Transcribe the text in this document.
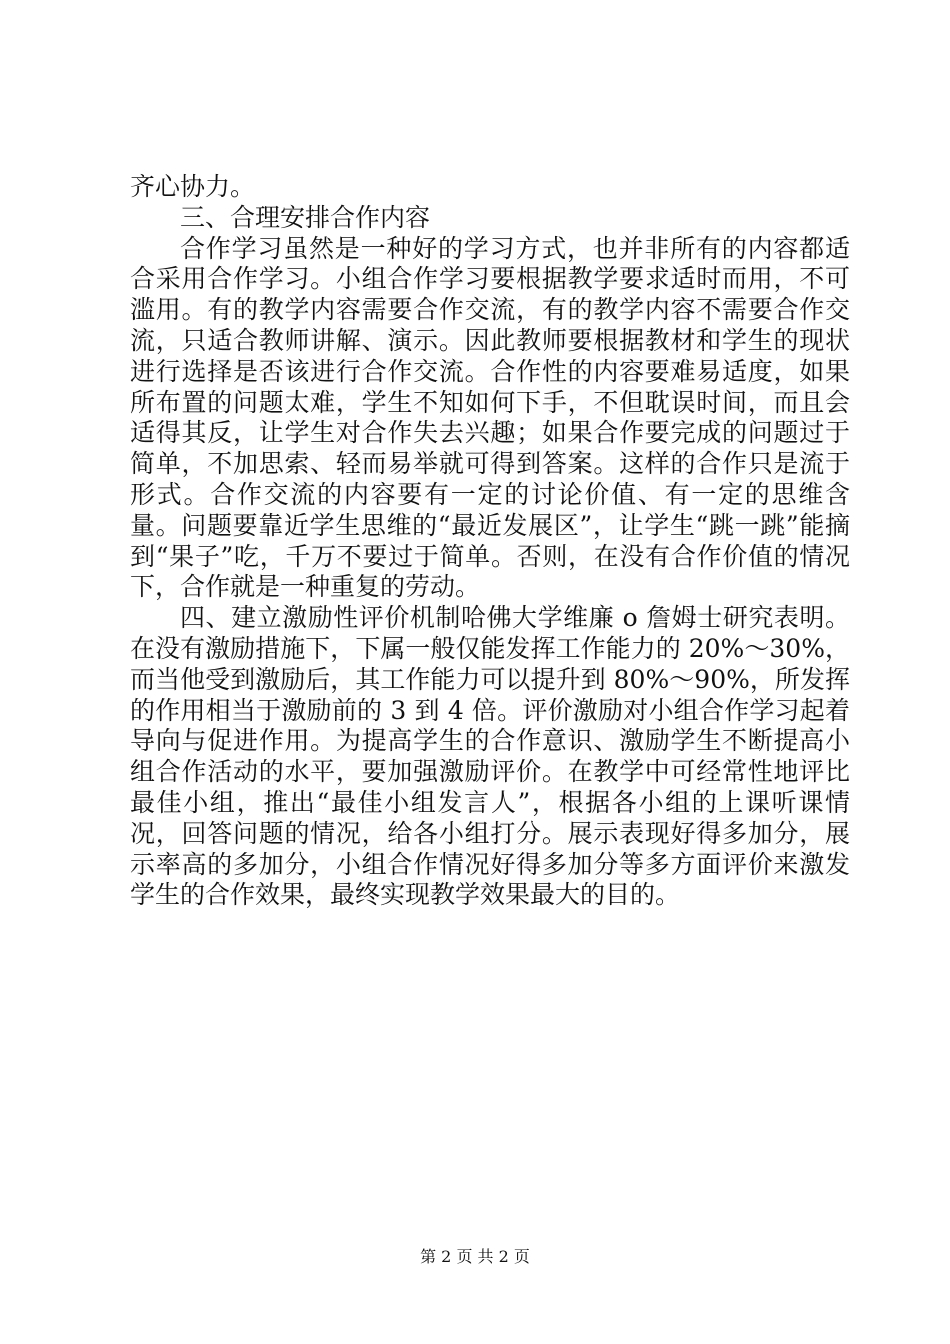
齐心协力。

三、合理安排合作内容

合作学习虽然是一种好的学习方式，也并非所有的内容都适合采用合作学习。小组合作学习要根据教学要求适时而用，不可滥用。有的教学内容需要合作交流，有的教学内容不需要合作交流，只适合教师讲解、演示。因此教师要根据教材和学生的现状进行选择是否该进行合作交流。合作性的内容要难易适度，如果所布置的问题太难，学生不知如何下手，不但耽误时间，而且会适得其反，让学生对合作失去兴趣；如果合作要完成的问题过于简单，不加思索、轻而易举就可得到答案。这样的合作只是流于形式。合作交流的内容要有一定的讨论价值、有一定的思维含量。问题要靠近学生思维的“最近发展区”，让学生“跳一跳”能摘到“果子”吃，千万不要过于简单。否则，在没有合作价值的情况下，合作就是一种重复的劳动。

四、建立激励性评价机制哈佛大学维廉 o 詹姆士研究表明。在没有激励措施下，下属一般仅能发挥工作能力的 20%～30%，而当他受到激励后，其工作能力可以提升到 80%～90%，所发挥的作用相当于激励前的 3 到 4 倍。评价激励对小组合作学习起着导向与促进作用。为提高学生的合作意识、激励学生不断提高小组合作活动的水平，要加强激励评价。在教学中可经常性地评比最佳小组，推出“最佳小组发言人”，根据各小组的上课听课情况，回答问题的情况，给各小组打分。展示表现好得多加分，展示率高的多加分，小组合作情况好得多加分等多方面评价来激发学生的合作效果，最终实现教学效果最大的目的。

第 2 页 共 2 页
